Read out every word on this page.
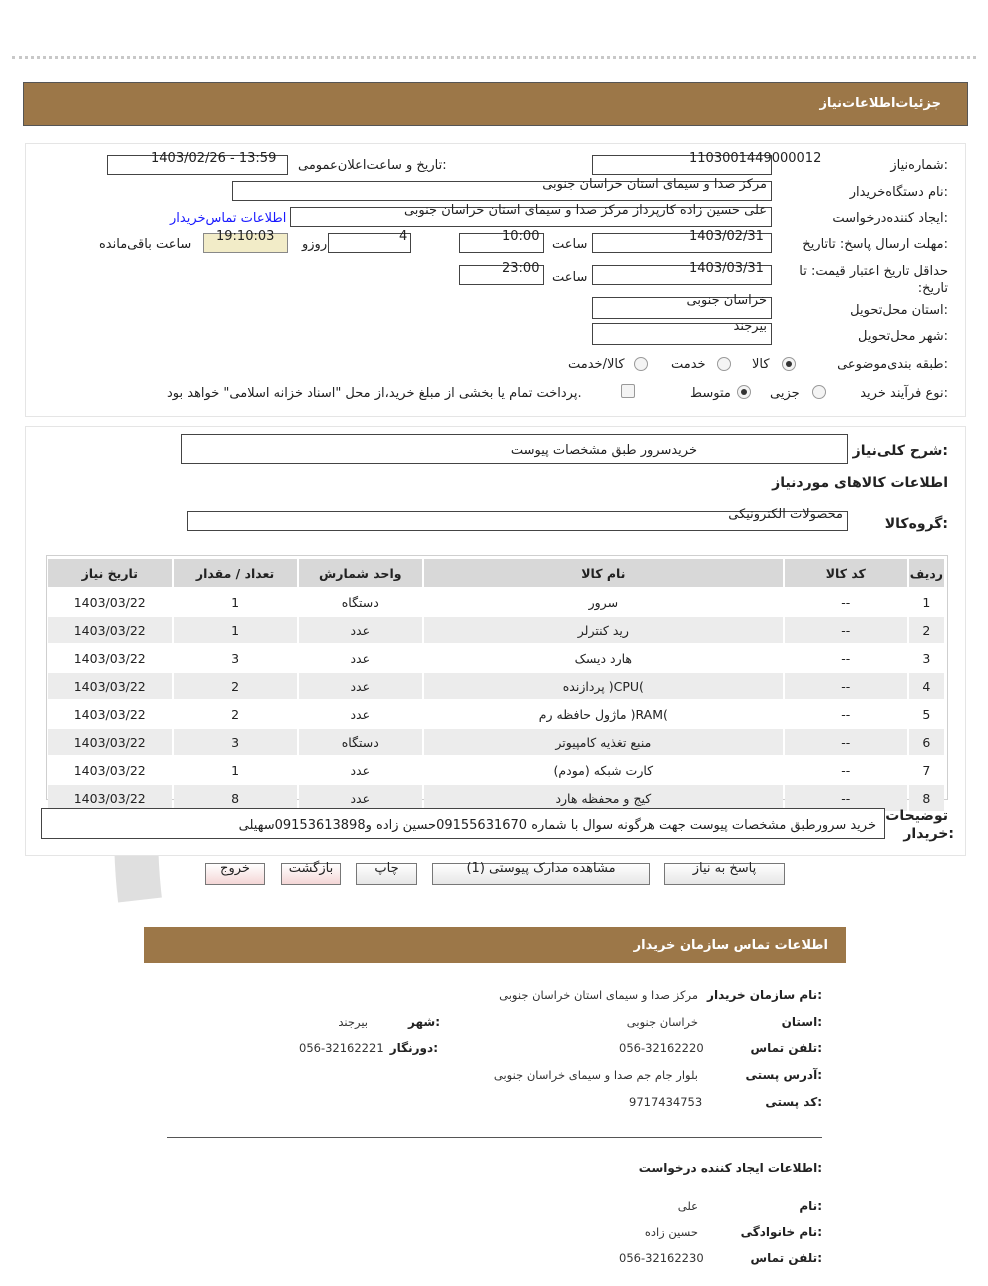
جزئیات‌اطلاعات‌نیاز
شماره‌نیاز:
1103001449000012
تاریخ و ساعت‌اعلان‌عمومی:
1403/02/26 - 13:59
نام دستگاه‌خریدار:
مرکز صدا و سیمای استان خراسان جنوبی
ایجاد کننده‌درخواست:
علی حسین زاده کارپرداز مرکز صدا و سیمای استان خراسان جنوبی
اطلاعات تماس‌خریدار
مهلت ارسال پاسخ: تاتاریخ:
1403/02/31
ساعت
10:00
4
روزو
19:10:03
ساعت باقی‌مانده
حداقل تاریخ اعتبار قیمت: تا تاریخ:
1403/03/31
ساعت
23:00
استان محل‌تحویل:
خراسان جنوبی
شهر محل‌تحویل:
بیرجند
طبقه بندی‌موضوعی:
کالا
خدمت
کالا/خدمت
نوع فرآیند خرید:
جزیی
متوسط
پرداخت تمام یا بخشی از مبلغ خرید،از محل "اسناد خزانه اسلامی" خواهد بود.
شرح کلی‌نیاز:
خریدسرور طبق مشخصات پیوست
اطلاعات کالاهای موردنیاز
گروه‌کالا:
محصولات الکترونیکی
تاریخ نیاز	تعداد / مقدار	واحد شمارش	نام کالا	کد کالا	ردیف
1403/03/22	1	دستگاه	سرور	--	1
1403/03/22	1	عدد	رید کنترلر	--	2
1403/03/22	3	عدد	هارد دیسک	--	3
1403/03/22	2	عدد	پردازنده )CPU(	--	4
1403/03/22	2	عدد	ماژول حافظه رم )RAM(	--	5
1403/03/22	3	دستگاه	منبع تغذیه کامپیوتر	--	6
1403/03/22	1	عدد	کارت شبکه (مودم)	--	7
1403/03/22	8	عدد	کیج و محفظه هارد	--	8
توضیحات
خریدار:
خرید سرورطبق مشخصات پیوست جهت هرگونه سوال با شماره 09155631670حسین زاده و09153613898سهیلی
پاسخ به نیاز
مشاهده مدارک پیوستی (1)
چاپ
بازگشت
خروج
اطلاعات تماس سازمان خریدار
نام سازمان خریدار:
مرکز صدا و سیمای استان خراسان جنوبی
استان:
خراسان جنوبی
شهر:
بیرجند
تلفن تماس:
056-32162220
دورنگار:
056-32162221
آدرس پستی:
بلوار جام جم صدا و سیمای خراسان جنوبی
کد پستی:
9717434753
اطلاعات ایجاد کننده درخواست:
نام:
علی
نام خانوادگی:
حسین زاده
تلفن تماس:
056-32162230
